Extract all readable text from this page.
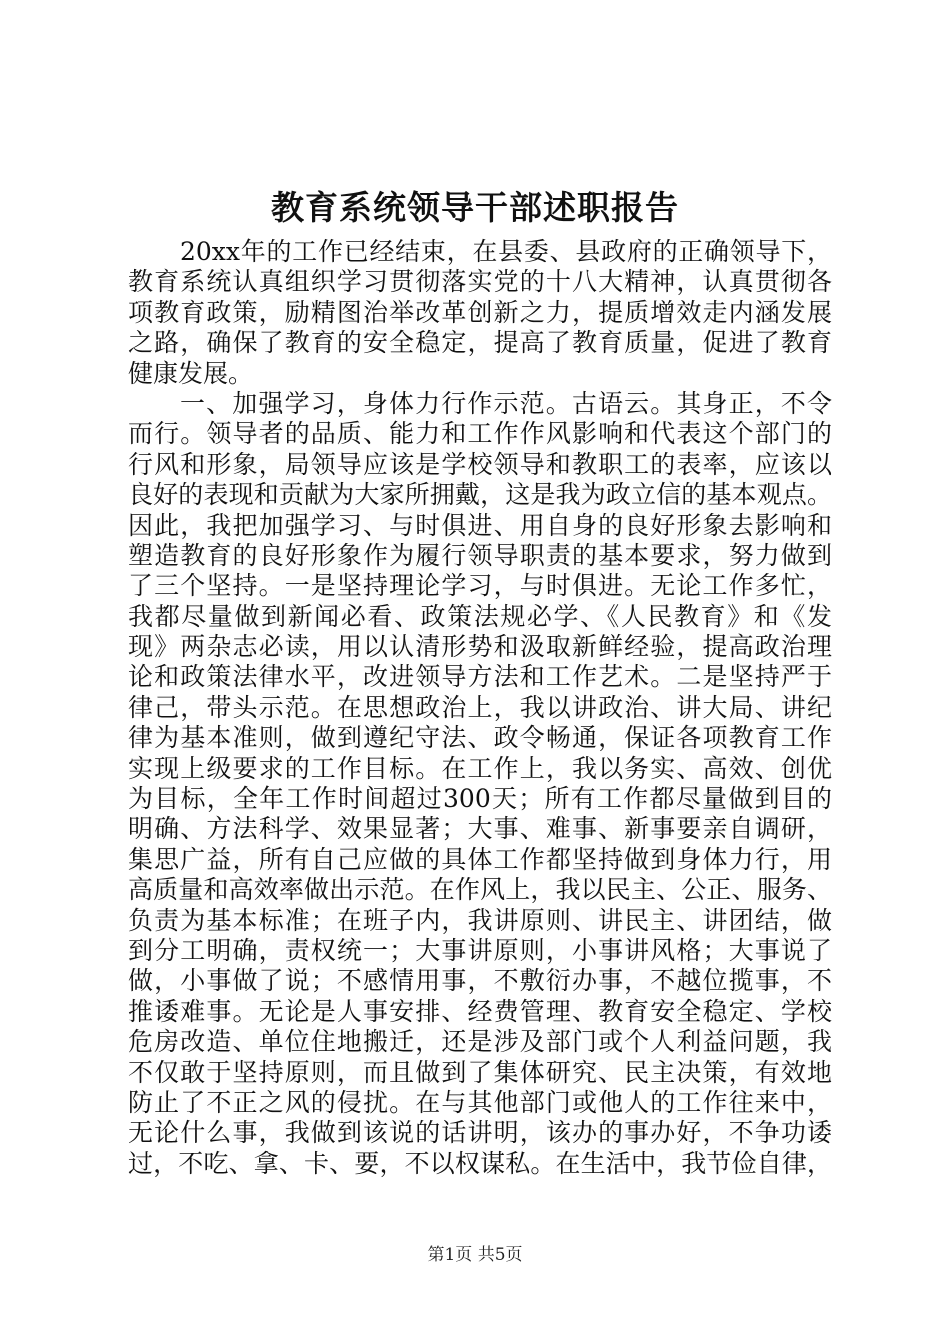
教育系统领导干部述职报告
20xx年的工作已经结束，在县委、县政府的正确领导下，
教育系统认真组织学习贯彻落实党的十八大精神，认真贯彻各
项教育政策，励精图治举改革创新之力，提质增效走内涵发展
之路，确保了教育的安全稳定，提高了教育质量，促进了教育
健康发展。
一、加强学习，身体力行作示范。古语云。其身正，不令
而行。领导者的品质、能力和工作作风影响和代表这个部门的
行风和形象，局领导应该是学校领导和教职工的表率，应该以
良好的表现和贡献为大家所拥戴，这是我为政立信的基本观点。
因此，我把加强学习、与时俱进、用自身的良好形象去影响和
塑造教育的良好形象作为履行领导职责的基本要求，努力做到
了三个坚持。一是坚持理论学习，与时俱进。无论工作多忙，
我都尽量做到新闻必看、政策法规必学、《人民教育》和《发
现》两杂志必读，用以认清形势和汲取新鲜经验，提高政治理
论和政策法律水平，改进领导方法和工作艺术。二是坚持严于
律己，带头示范。在思想政治上，我以讲政治、讲大局、讲纪
律为基本准则，做到遵纪守法、政令畅通，保证各项教育工作
实现上级要求的工作目标。在工作上，我以务实、高效、创优
为目标，全年工作时间超过300天；所有工作都尽量做到目的
明确、方法科学、效果显著；大事、难事、新事要亲自调研，
集思广益，所有自己应做的具体工作都坚持做到身体力行，用
高质量和高效率做出示范。在作风上，我以民主、公正、服务、
负责为基本标准；在班子内，我讲原则、讲民主、讲团结，做
到分工明确，责权统一；大事讲原则，小事讲风格；大事说了
做，小事做了说；不感情用事，不敷衍办事，不越位揽事，不
推诿难事。无论是人事安排、经费管理、教育安全稳定、学校
危房改造、单位住地搬迁，还是涉及部门或个人利益问题，我
不仅敢于坚持原则，而且做到了集体研究、民主决策，有效地
防止了不正之风的侵扰。在与其他部门或他人的工作往来中，
无论什么事，我做到该说的话讲明，该办的事办好，不争功诿
过，不吃、拿、卡、要，不以权谋私。在生活中，我节俭自律，
第1页 共5页
